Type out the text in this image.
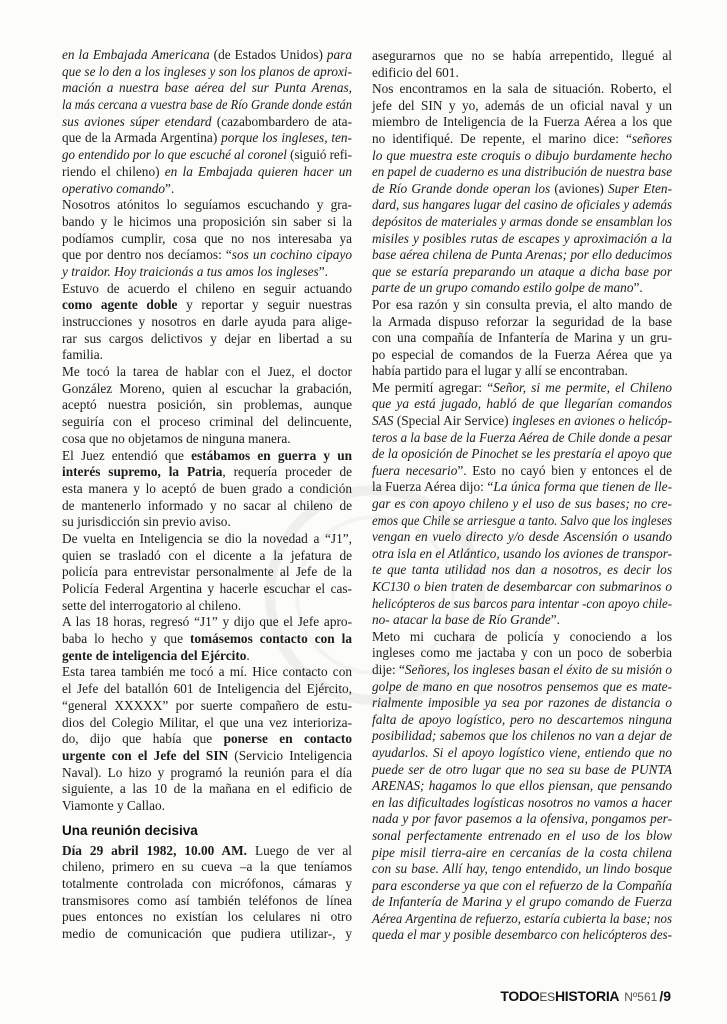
en la Embajada Americana (de Estados Unidos) para
que se lo den a los ingleses y son los planos de aproxi-
mación a nuestra base aérea del sur Punta Arenas,
la más cercana a vuestra base de Río Grande donde están
sus aviones súper etendard (cazabombardero de ata-
que de la Armada Argentina) porque los ingleses, ten-
go entendido por lo que escuché al coronel (siguió refi-
riendo el chileno) en la Embajada quieren hacer un
operativo comando”.
Nosotros atónitos lo seguíamos escuchando y gra-
bando y le hicimos una proposición sin saber si la
podíamos cumplir, cosa que no nos interesaba ya
que por dentro nos decíamos: “sos un cochino cipayo
y traidor. Hoy traicionás a tus amos los ingleses”.
Estuvo de acuerdo el chileno en seguir actuando
como agente doble y reportar y seguir nuestras
instrucciones y nosotros en darle ayuda para alige-
rar sus cargos delictivos y dejar en libertad a su
familia.
Me tocó la tarea de hablar con el Juez, el doctor
González Moreno, quien al escuchar la grabación,
aceptó nuestra posición, sin problemas, aunque
seguiría con el proceso criminal del delincuente,
cosa que no objetamos de ninguna manera.
El Juez entendió que estábamos en guerra y un
interés supremo, la Patria, requería proceder de
esta manera y lo aceptó de buen grado a condición
de mantenerlo informado y no sacar al chileno de
su jurisdicción sin previo aviso.
De vuelta en Inteligencia se dio la novedad a “J1”,
quien se trasladó con el dicente a la jefatura de
policía para entrevistar personalmente al Jefe de la
Policía Federal Argentina y hacerle escuchar el cas-
sette del interrogatorio al chileno.
A las 18 horas, regresó “J1” y dijo que el Jefe apro-
baba lo hecho y que tomásemos contacto con la
gente de inteligencia del Ejército.
Esta tarea también me tocó a mí. Hice contacto con
el Jefe del batallón 601 de Inteligencia del Ejército,
“general XXXXX” por suerte compañero de estu-
dios del Colegio Militar, el que una vez interioriza-
do, dijo que había que ponerse en contacto
urgente con el Jefe del SIN (Servicio Inteligencia
Naval). Lo hizo y programó la reunión para el día
siguiente, a las 10 de la mañana en el edificio de
Viamonte y Callao.
Una reunión decisiva
Día 29 abril 1982, 10.00 AM. Luego de ver al
chileno, primero en su cueva –a la que teníamos
totalmente controlada con micrófonos, cámaras y
transmisores como así también teléfonos de línea
pues entonces no existían los celulares ni otro
medio de comunicación que pudiera utilizar-, y
asegurarnos que no se había arrepentido, llegué al
edificio del 601.
Nos encontramos en la sala de situación. Roberto, el
jefe del SIN y yo, además de un oficial naval y un
miembro de Inteligencia de la Fuerza Aérea a los que
no identifiqué. De repente, el marino dice: “señores
lo que muestra este croquis o dibujo burdamente hecho
en papel de cuaderno es una distribución de nuestra base
de Río Grande donde operan los (aviones) Super Eten-
dard, sus hangares lugar del casino de oficiales y además
depósitos de materiales y armas donde se ensamblan los
misiles y posibles rutas de escapes y aproximación a la
base aérea chilena de Punta Arenas; por ello deducimos
que se estaría preparando un ataque a dicha base por
parte de un grupo comando estilo golpe de mano”.
Por esa razón y sin consulta previa, el alto mando de
la Armada dispuso reforzar la seguridad de la base
con una compañía de Infantería de Marina y un gru-
po especial de comandos de la Fuerza Aérea que ya
había partido para el lugar y allí se encontraban.
Me permití agregar: “Señor, si me permite, el Chileno
que ya está jugado, habló de que llegarían comandos
SAS (Special Air Service) ingleses en aviones o helicóp-
teros a la base de la Fuerza Aérea de Chile donde a pesar
de la oposición de Pinochet se les prestaría el apoyo que
fuera necesario”. Esto no cayó bien y entonces el de
la Fuerza Aérea dijo: “La única forma que tienen de lle-
gar es con apoyo chileno y el uso de sus bases; no cre-
emos que Chile se arriesgue a tanto. Salvo que los ingleses
vengan en vuelo directo y/o desde Ascensión o usando
otra isla en el Atlántico, usando los aviones de transpor-
te que tanta utilidad nos dan a nosotros, es decir los
KC130 o bien traten de desembarcar con submarinos o
helicópteros de sus barcos para intentar -con apoyo chile-
no- atacar la base de Río Grande”.
Meto mi cuchara de policía y conociendo a los
ingleses como me jactaba y con un poco de soberbia
dije: “Señores, los ingleses basan el éxito de su misión o
golpe de mano en que nosotros pensemos que es mate-
rialmente imposible ya sea por razones de distancia o
falta de apoyo logístico, pero no descartemos ninguna
posibilidad; sabemos que los chilenos no van a dejar de
ayudarlos. Si el apoyo logístico viene, entiendo que no
puede ser de otro lugar que no sea su base de PUNTA
ARENAS; hagamos lo que ellos piensan, que pensando
en las dificultades logísticas nosotros no vamos a hacer
nada y por favor pasemos a la ofensiva, pongamos per-
sonal perfectamente entrenado en el uso de los blow
pipe misil tierra-aire en cercanías de la costa chilena
con su base. Allí hay, tengo entendido, un lindo bosque
para esconderse ya que con el refuerzo de la Compañía
de Infantería de Marina y el grupo comando de Fuerza
Aérea Argentina de refuerzo, estaría cubierta la base; nos
queda el mar y posible desembarco con helicópteros des-
TODOESHISTORIA Nº561 /9
